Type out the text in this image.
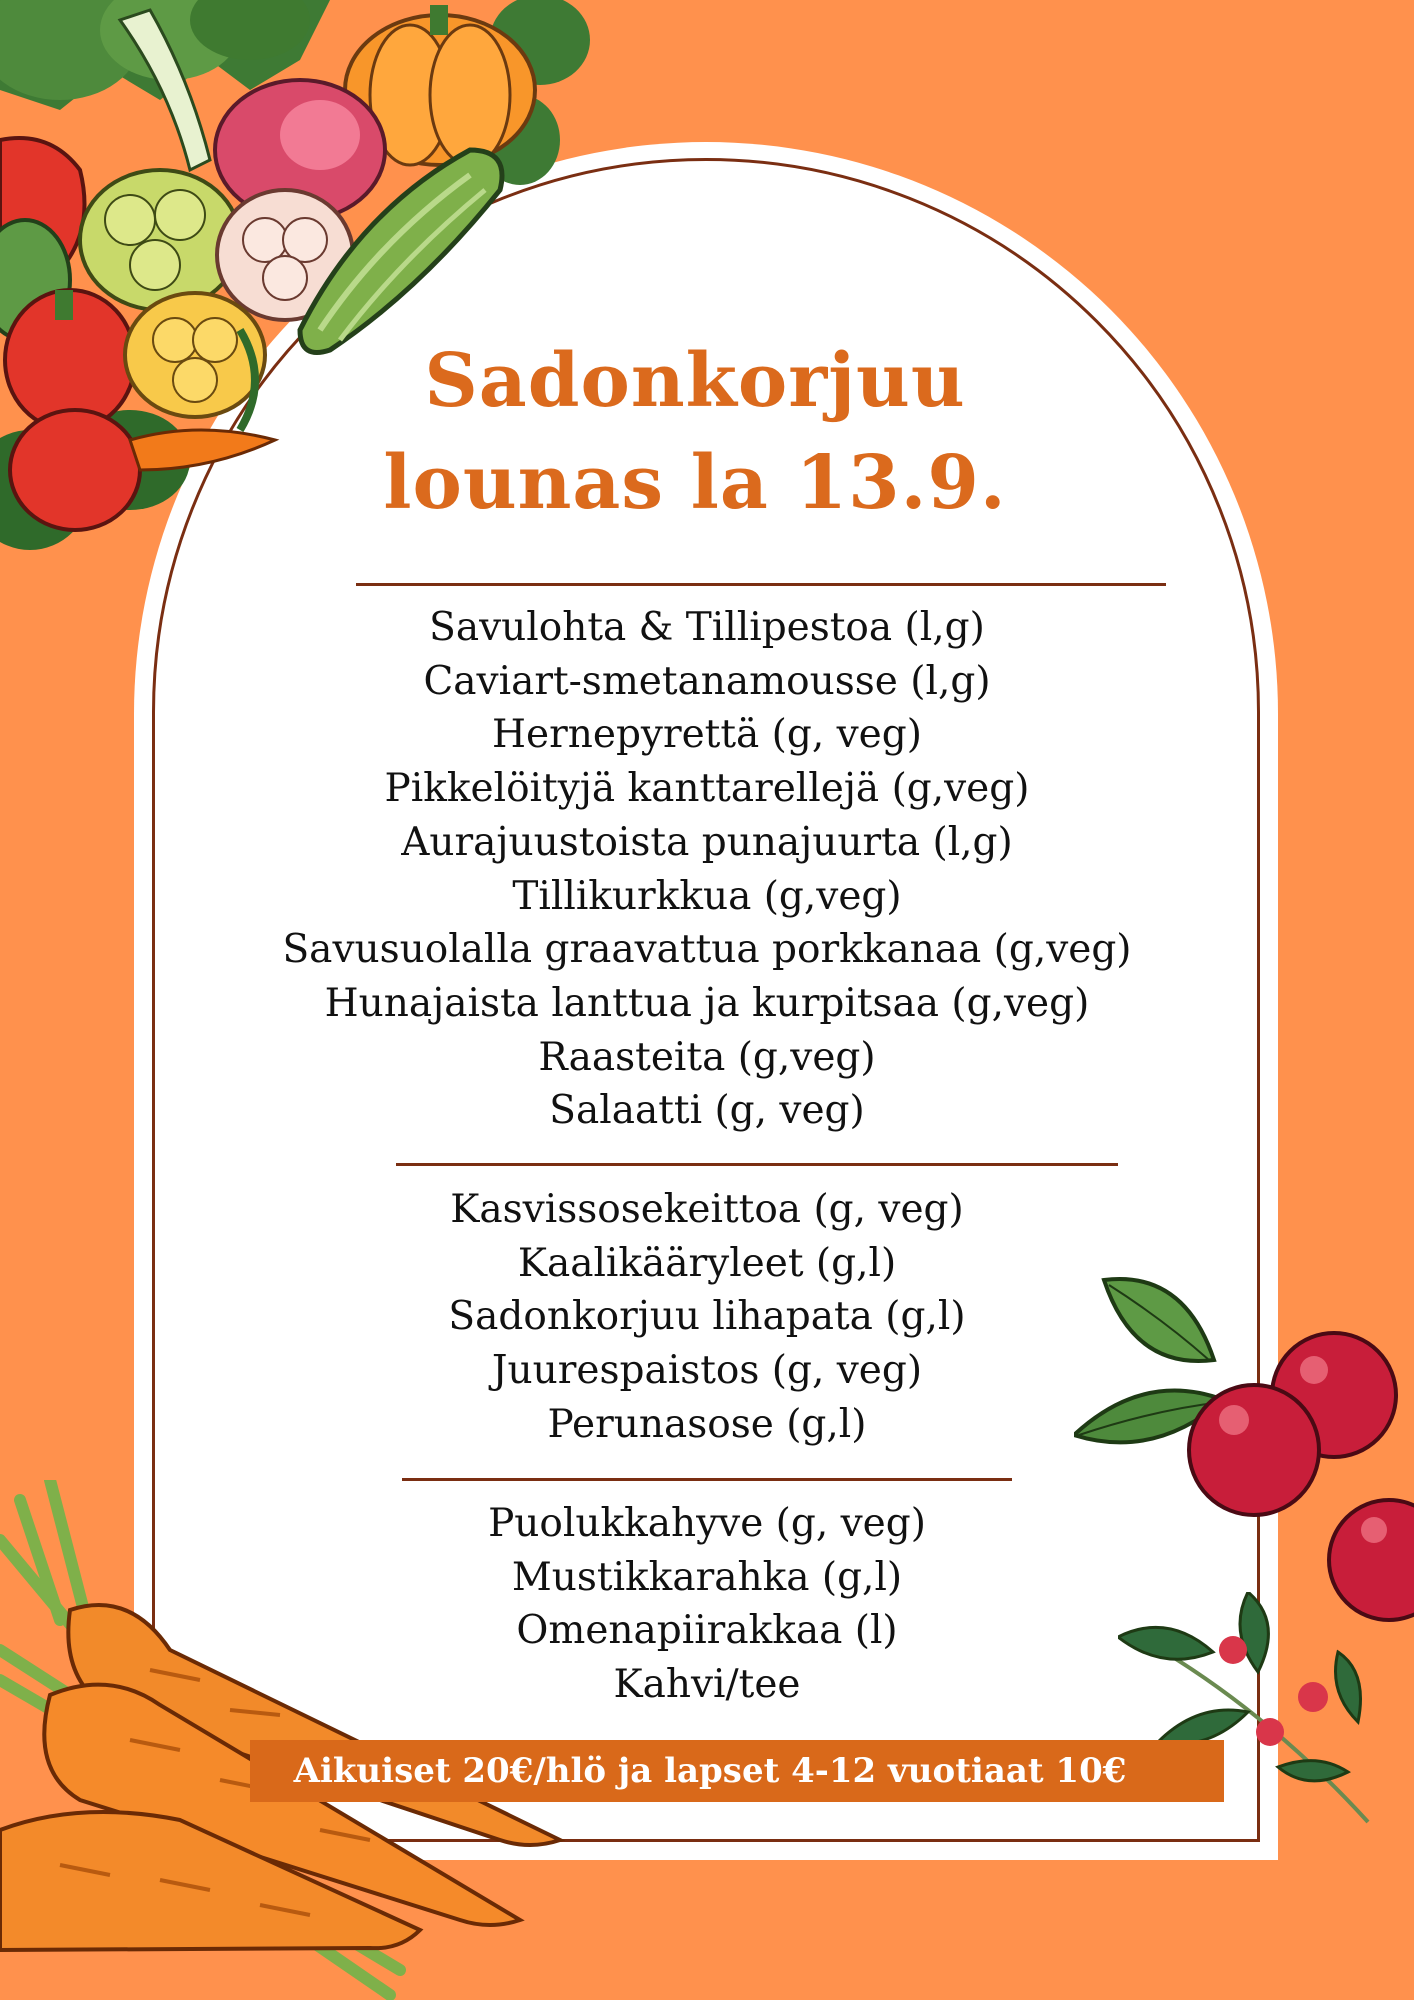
Sadonkorjuu
lounas la 13.9.
Savulohta & Tillipestoa (l,g)
Caviart-smetanamousse (l,g)
Hernepyrettä (g, veg)
Pikkelöityjä kanttarellejä (g,veg)
Aurajuustoista punajuurta (l,g)
Tillikurkkua (g,veg)
Savusuolalla graavattua porkkanaa (g,veg)
Hunajaista lanttua ja kurpitsaa (g,veg)
Raasteita (g,veg)
Salaatti (g, veg)
Kasvissosekeittoa (g, veg)
Kaalikääryleet (g,l)
Sadonkorjuu lihapata (g,l)
Juurespaistos (g, veg)
Perunasose (g,l)
Puolukkahyve (g, veg)
Mustikkarahka (g,l)
Omenapiirakkaa (l)
Kahvi/tee
Aikuiset 20€/hlö ja lapset 4-12 vuotiaat 10€
